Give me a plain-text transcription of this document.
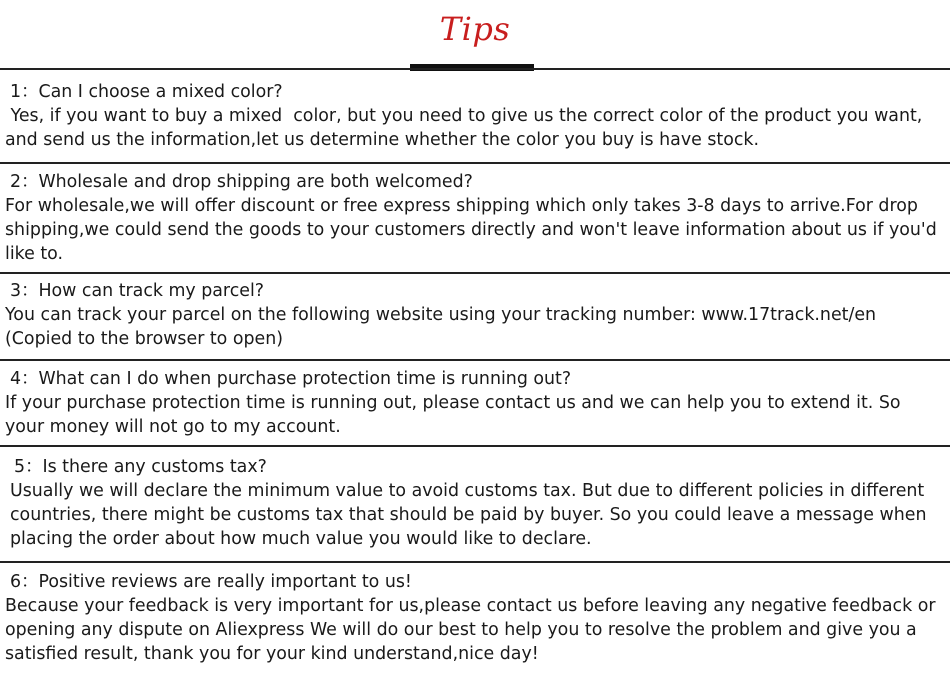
Tips

1：Can I choose a mixed color?

Yes, if you want to buy a mixed  color, but you need to give us the correct color of the product you want, and send us the information,let us determine whether the color you buy is have stock.

2：Wholesale and drop shipping are both welcomed?

For wholesale,we will offer discount or free express shipping which only takes 3-8 days to arrive.For drop shipping,we could send the goods to your customers directly and won't leave information about us if you'd like to.

3：How can track my parcel?

You can track your parcel on the following website using your tracking number: www.17track.net/en (Copied to the browser to open)

4：What can I do when purchase protection time is running out?

If your purchase protection time is running out, please contact us and we can help you to extend it. So your money will not go to my account.

5：Is there any customs tax?

Usually we will declare the minimum value to avoid customs tax. But due to different policies in different countries, there might be customs tax that should be paid by buyer. So you could leave a message when placing the order about how much value you would like to declare.

6：Positive reviews are really important to us!

Because your feedback is very important for us,please contact us before leaving any negative feedback or opening any dispute on Aliexpress We will do our best to help you to resolve the problem and give you a satisfied result, thank you for your kind understand,nice day!
